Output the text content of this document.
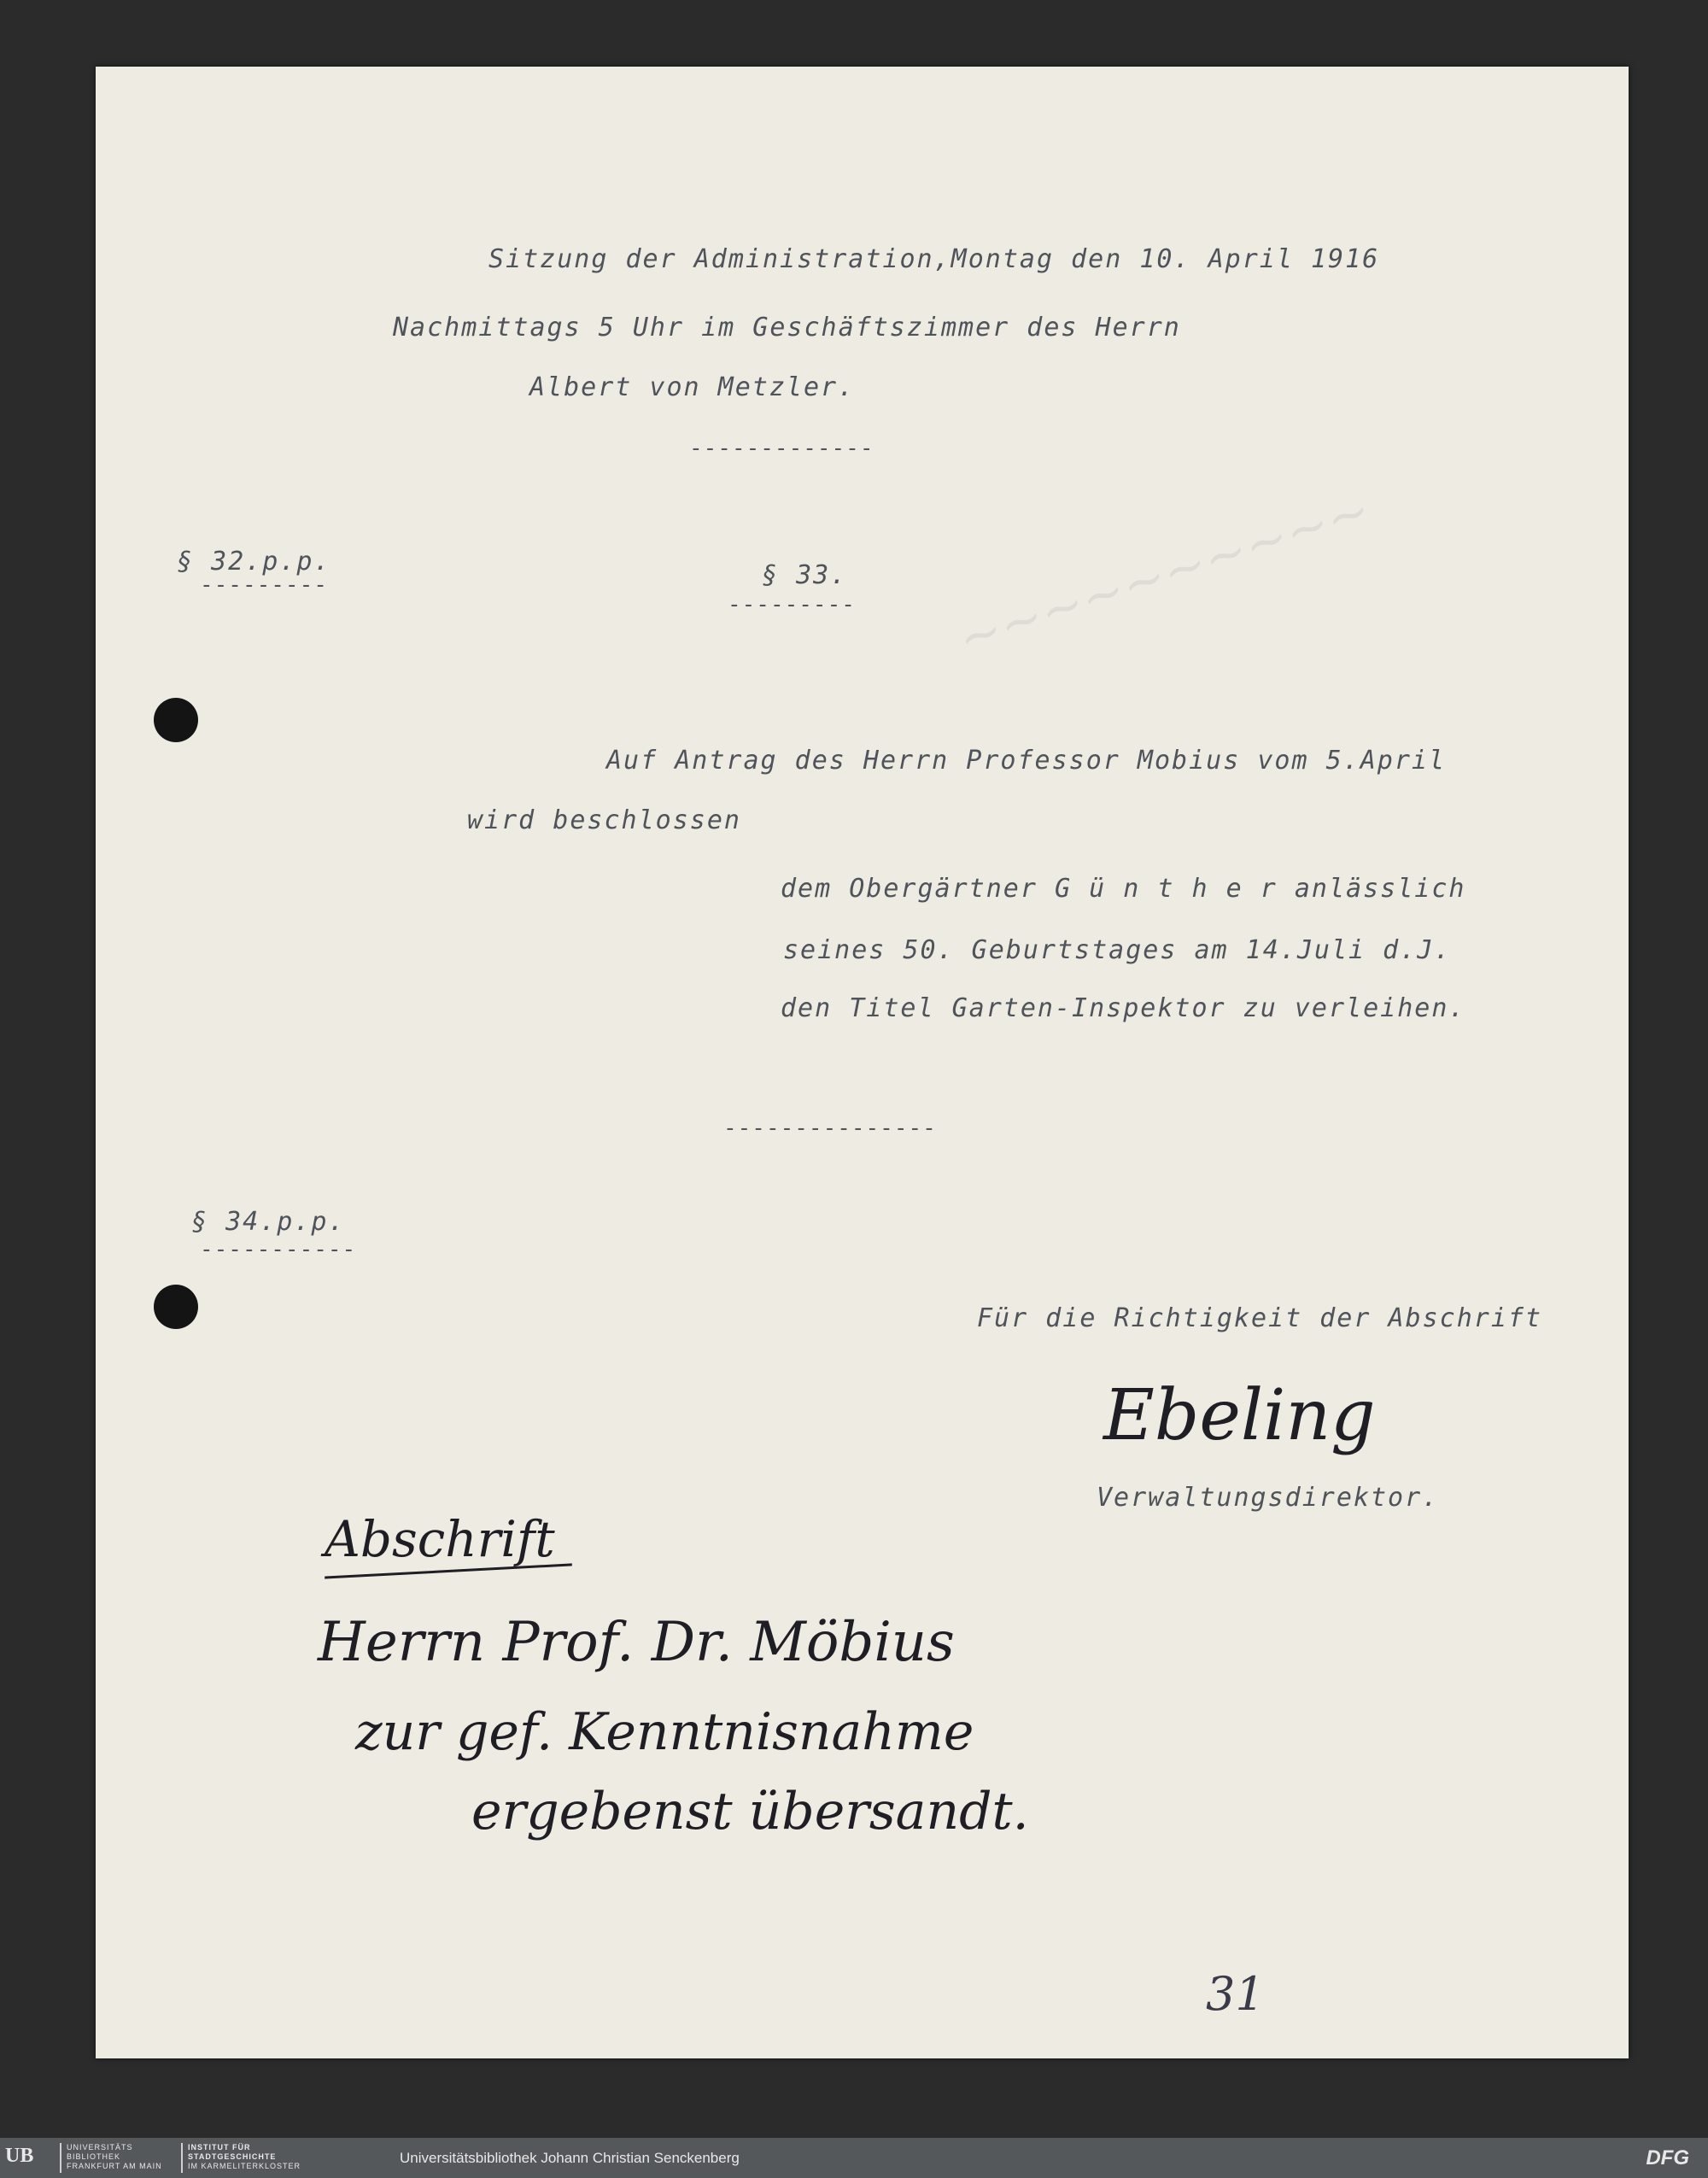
~~~~~~~~~~
Sitzung der Administration,Montag den 10. April 1916
Nachmittags 5 Uhr im Geschäftszimmer des Herrn
Albert von Metzler.
-------------
§ 32.p.p.
---------	§ 33.
---------
Auf Antrag des Herrn Professor Mobius vom 5.April
wird beschlossen
dem Obergärtner G ü n t h e r anlässlich
seines 50. Geburtstages am 14.Juli d.J.
den Titel Garten-Inspektor zu verleihen.
---------------
§ 34.p.p.
-----------
Für die Richtigkeit der Abschrift
Ebeling
Verwaltungsdirektor.
Abschrift
Herrn Prof. Dr. Möbius
zur gef. Kenntnisnahme
ergebenst übersandt.
31
UB	UNIVERSITÄTS
BIBLIOTHEK
FRANKFURT AM MAIN
INSTITUT FÜR
STADTGESCHICHTE
IM KARMELITERKLOSTER	Universitätsbibliothek Johann Christian Senckenberg	DFG
